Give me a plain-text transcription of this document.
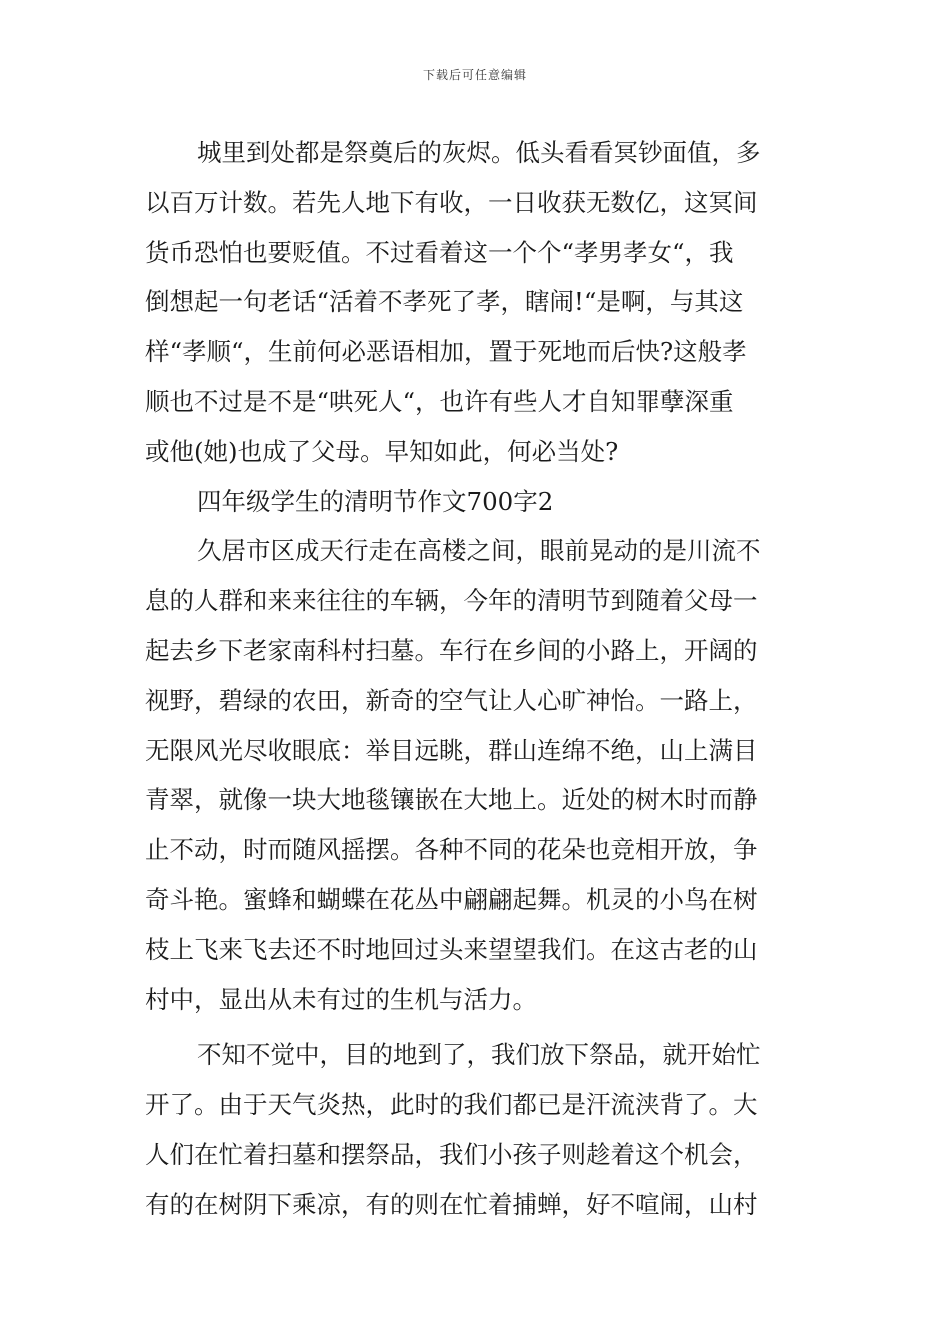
下载后可任意编辑
城里到处都是祭奠后的灰烬。低头看看冥钞面值，多
以百万计数。若先人地下有收，一日收获无数亿，这冥间
货币恐怕也要贬值。不过看着这一个个“孝男孝女“，我
倒想起一句老话“活着不孝死了孝，瞎闹!“是啊，与其这
样“孝顺“，生前何必恶语相加，置于死地而后快?这般孝
顺也不过是不是“哄死人“，也许有些人才自知罪孽深重
或他(她)也成了父母。早知如此，何必当处?
四年级学生的清明节作文700字2
久居市区成天行走在高楼之间，眼前晃动的是川流不
息的人群和来来往往的车辆，今年的清明节到随着父母一
起去乡下老家南科村扫墓。车行在乡间的小路上，开阔的
视野，碧绿的农田，新奇的空气让人心旷神怡。一路上，
无限风光尽收眼底：举目远眺，群山连绵不绝，山上满目
青翠，就像一块大地毯镶嵌在大地上。近处的树木时而静
止不动，时而随风摇摆。各种不同的花朵也竞相开放，争
奇斗艳。蜜蜂和蝴蝶在花丛中翩翩起舞。机灵的小鸟在树
枝上飞来飞去还不时地回过头来望望我们。在这古老的山
村中，显出从未有过的生机与活力。
不知不觉中，目的地到了，我们放下祭品，就开始忙
开了。由于天气炎热，此时的我们都已是汗流浃背了。大
人们在忙着扫墓和摆祭品，我们小孩子则趁着这个机会，
有的在树阴下乘凉，有的则在忙着捕蝉，好不喧闹，山村
